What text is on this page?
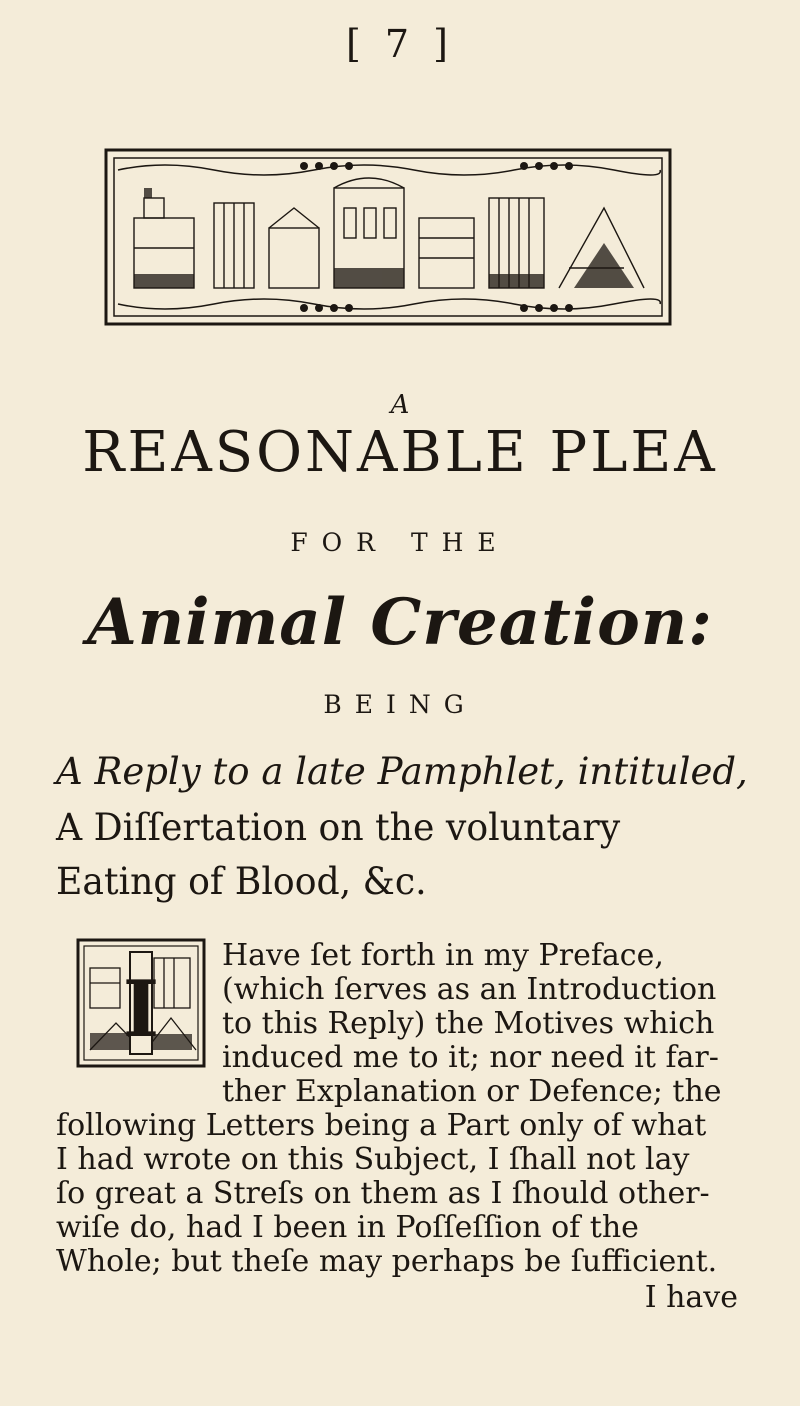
[ 7 ]
A
REASONABLE PLEA
FOR THE
Animal Creation:
BEING
A Reply to a late Pamphlet, intituled,
A Diſſertation on the voluntary
Eating of Blood, &c.
I
Have ſet forth in my Preface,
(which ſerves as an Introduction
to this Reply) the Motives which
induced me to it; nor need it far-
ther Explanation or Defence; the
following Letters being a Part only of what
I had wrote on this Subject, I ſhall not lay
ſo great a Streſs on them as I ſhould other-
wiſe do, had I been in Poſſeſſion of the
Whole; but theſe may perhaps be ſufficient.
I have
